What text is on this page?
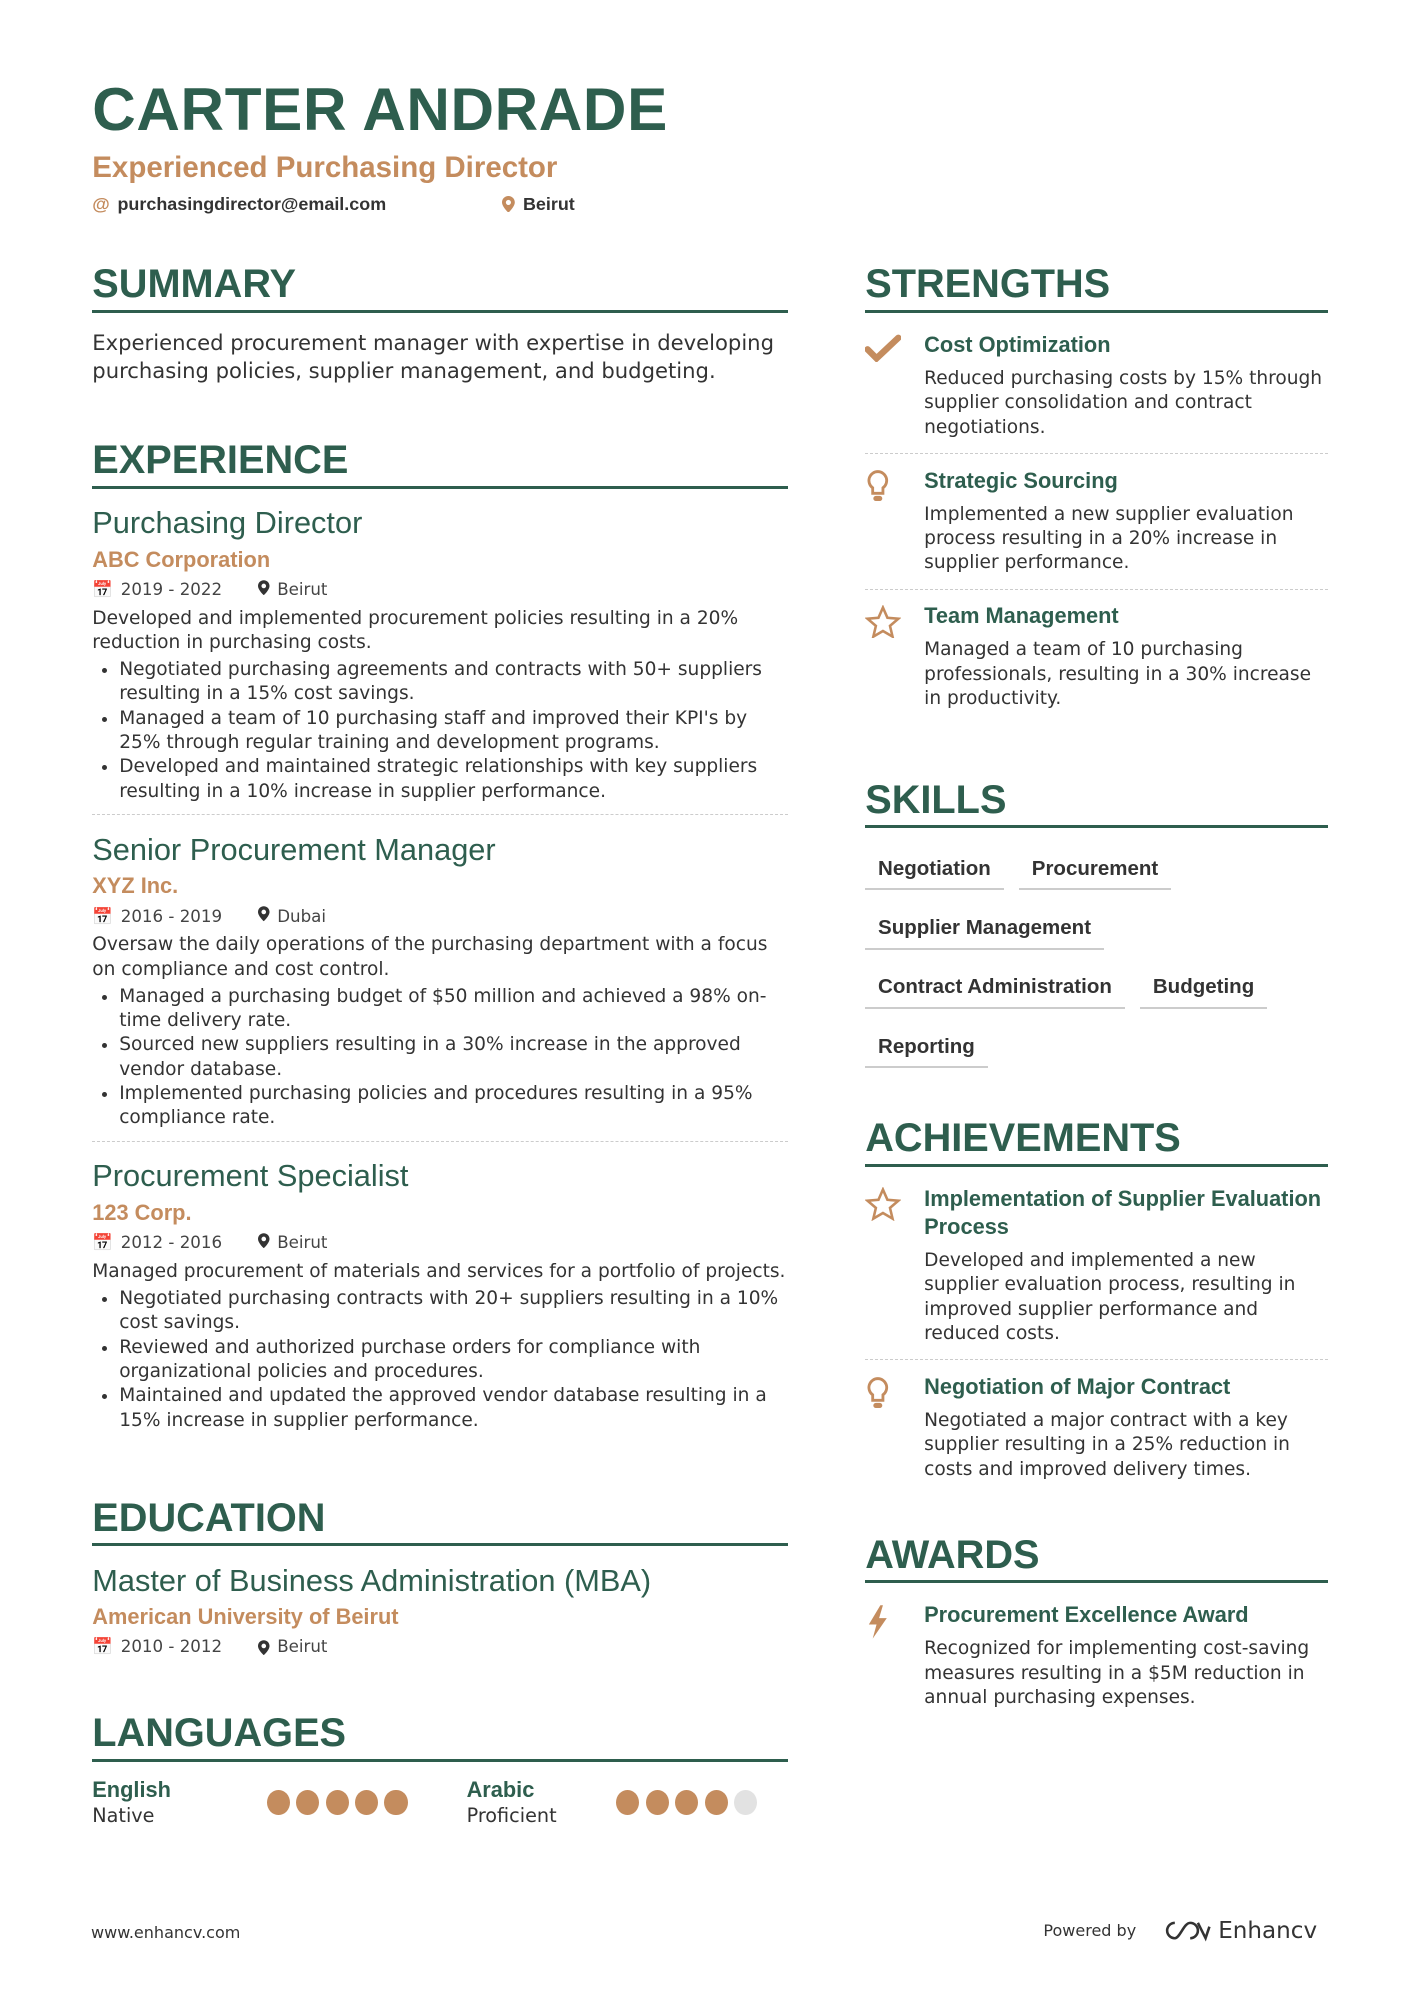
CARTER ANDRADE
Experienced Purchasing Director
@ purchasingdirector@email.com	Beirut
SUMMARY
Experienced procurement manager with expertise in developing purchasing policies, supplier management, and budgeting.
EXPERIENCE
Purchasing Director
ABC Corporation
📅 2019 - 2022	Beirut
Developed and implemented procurement policies resulting in a 20% reduction in purchasing costs.
• Negotiated purchasing agreements and contracts with 50+ suppliers resulting in a 15% cost savings.
• Managed a team of 10 purchasing staff and improved their KPI's by 25% through regular training and development programs.
• Developed and maintained strategic relationships with key suppliers resulting in a 10% increase in supplier performance.
Senior Procurement Manager
XYZ Inc.
📅 2016 - 2019	Dubai
Oversaw the daily operations of the purchasing department with a focus on compliance and cost control.
• Managed a purchasing budget of $50 million and achieved a 98% on-time delivery rate.
• Sourced new suppliers resulting in a 30% increase in the approved vendor database.
• Implemented purchasing policies and procedures resulting in a 95% compliance rate.
Procurement Specialist
123 Corp.
📅 2012 - 2016	Beirut
Managed procurement of materials and services for a portfolio of projects.
• Negotiated purchasing contracts with 20+ suppliers resulting in a 10% cost savings.
• Reviewed and authorized purchase orders for compliance with organizational policies and procedures.
• Maintained and updated the approved vendor database resulting in a 15% increase in supplier performance.
EDUCATION
Master of Business Administration (MBA)
American University of Beirut
📅 2010 - 2012	Beirut
LANGUAGES
English
Native
Arabic
Proficient
STRENGTHS
Cost Optimization
Reduced purchasing costs by 15% through supplier consolidation and contract negotiations.
Strategic Sourcing
Implemented a new supplier evaluation process resulting in a 20% increase in supplier performance.
Team Management
Managed a team of 10 purchasing professionals, resulting in a 30% increase in productivity.
SKILLS
Negotiation	Procurement
Supplier Management
Contract Administration	Budgeting
Reporting
ACHIEVEMENTS
Implementation of Supplier Evaluation Process
Developed and implemented a new supplier evaluation process, resulting in improved supplier performance and reduced costs.
Negotiation of Major Contract
Negotiated a major contract with a key supplier resulting in a 25% reduction in costs and improved delivery times.
AWARDS
Procurement Excellence Award
Recognized for implementing cost-saving measures resulting in a $5M reduction in annual purchasing expenses.
www.enhancv.com	Powered by	Enhancv
